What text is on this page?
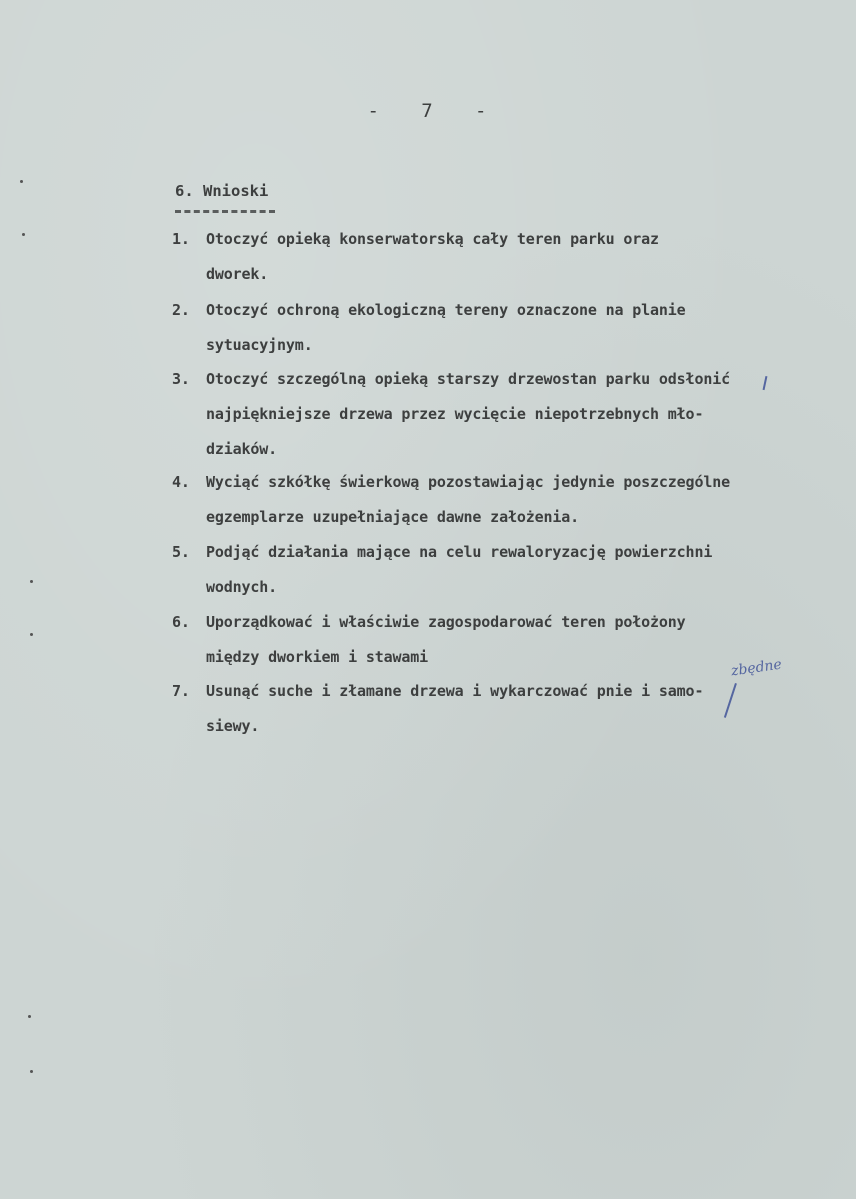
-   7   -
6. Wnioski
1. Otoczyć opieką konserwatorską cały teren parku oraz
dworek.
2. Otoczyć ochroną ekologiczną tereny oznaczone na planie
sytuacyjnym.
3. Otoczyć szczególną opieką starszy drzewostan parku odsłonić
najpiękniejsze drzewa przez wycięcie niepotrzebnych mło-
dziaków.
4. Wyciąć szkółkę świerkową pozostawiając jedynie poszczególne
egzemplarze uzupełniające dawne założenia.
5. Podjąć działania mające na celu rewaloryzację powierzchni
wodnych.
6. Uporządkować i właściwie zagospodarować teren położony
między dworkiem i stawami
7. Usunąć suche i złamane drzewa i wykarczować pnie i samo-
siewy.
zbędne
